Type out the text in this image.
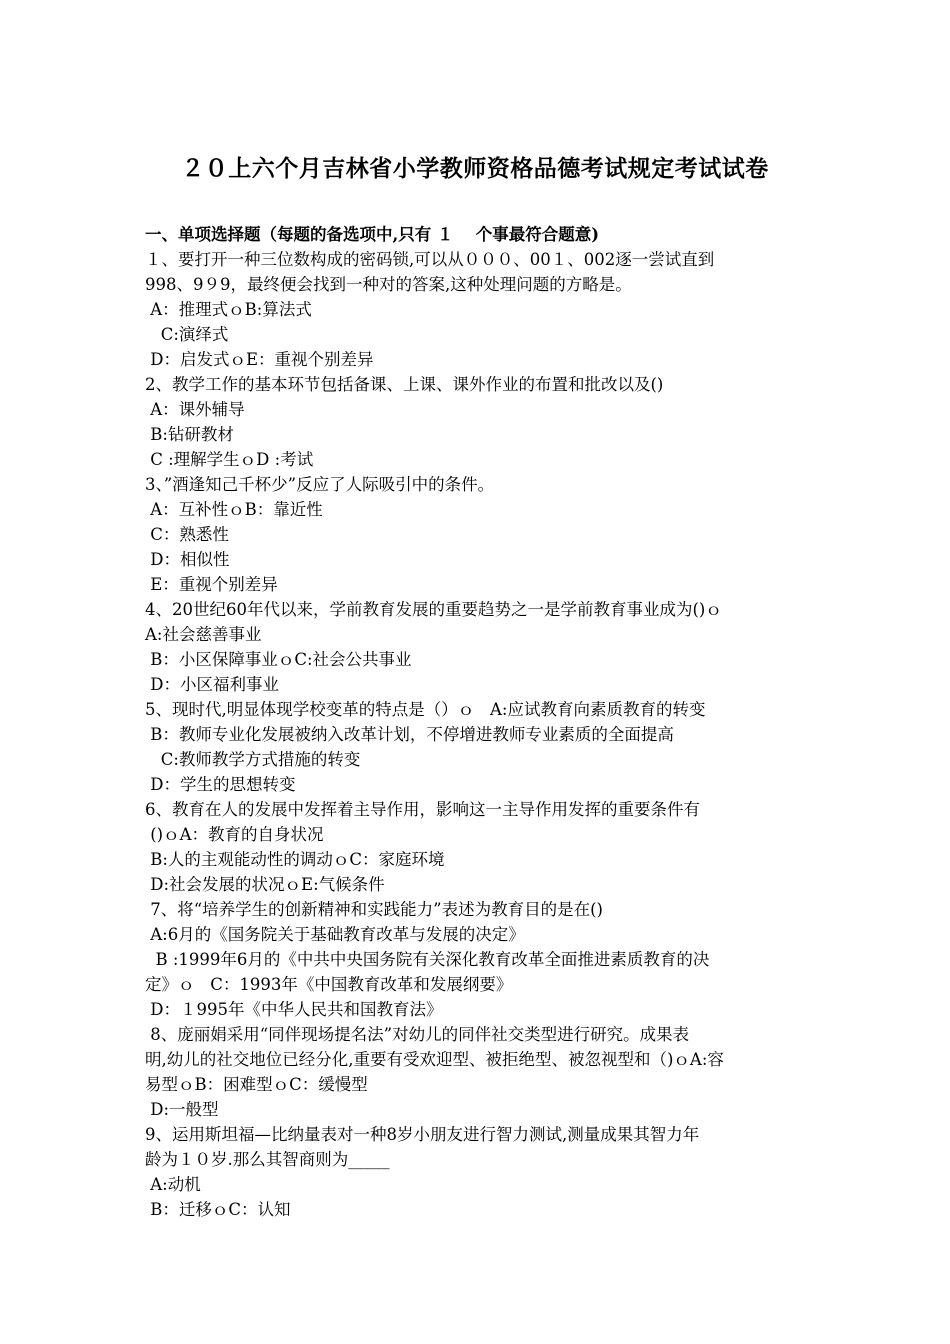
２０上六个月吉林省小学教师资格品德考试规定考试试卷
一、单项选择题（每题的备选项中,只有 １　 个事最符合题意)
１、要打开一种三位数构成的密码锁,可以从０００、00１、002逐一尝试直到
998、9９9，最终便会找到一种对的答案,这种处理问题的方略是。
A：推理式ｏB:算法式
C:演绎式
D：启发式ｏE：重视个别差异
2、教学工作的基本环节包括备课、上课、课外作业的布置和批改以及()
A：课外辅导
B:钻研教材
C :理解学生ｏD :考试
3、”酒逢知己千杯少”反应了人际吸引中的条件。
A：互补性ｏB：靠近性
C：熟悉性
D：相似性
E：重视个别差异
4、20世纪60年代以来，学前教育发展的重要趋势之一是学前教育事业成为()ｏ
A:社会慈善事业
B：小区保障事业ｏC:社会公共事业
D：小区福利事业
5、现时代,明显体现学校变革的特点是（）ｏ   A:应试教育向素质教育的转变
B：教师专业化发展被纳入改革计划，不停增进教师专业素质的全面提高
C:教师教学方式措施的转变
D：学生的思想转变
6、教育在人的发展中发挥着主导作用，影响这一主导作用发挥的重要条件有
()ｏA：教育的自身状况
B:人的主观能动性的调动ｏC：家庭环境
D:社会发展的状况ｏE:气候条件
7、将“培养学生的创新精神和实践能力”表述为教育目的是在()
A:6月的《国务院关于基础教育改革与发展的决定》
B :1999年6月的《中共中央国务院有关深化教育改革全面推进素质教育的决
定》ｏ   C：1993年《中国教育改革和发展纲要》
D：１995年《中华人民共和国教育法》
8、庞丽娟采用“同伴现场提名法”对幼儿的同伴社交类型进行研究。成果表
明,幼儿的社交地位已经分化,重要有受欢迎型、被拒绝型、被忽视型和（)ｏA:容
易型ｏB：困难型ｏC：缓慢型
D:一般型
9、运用斯坦福—比纳量表对一种8岁小朋友进行智力测试,测量成果其智力年
龄为１０岁.那么其智商则为_____
A:动机
B：迁移ｏC：认知
